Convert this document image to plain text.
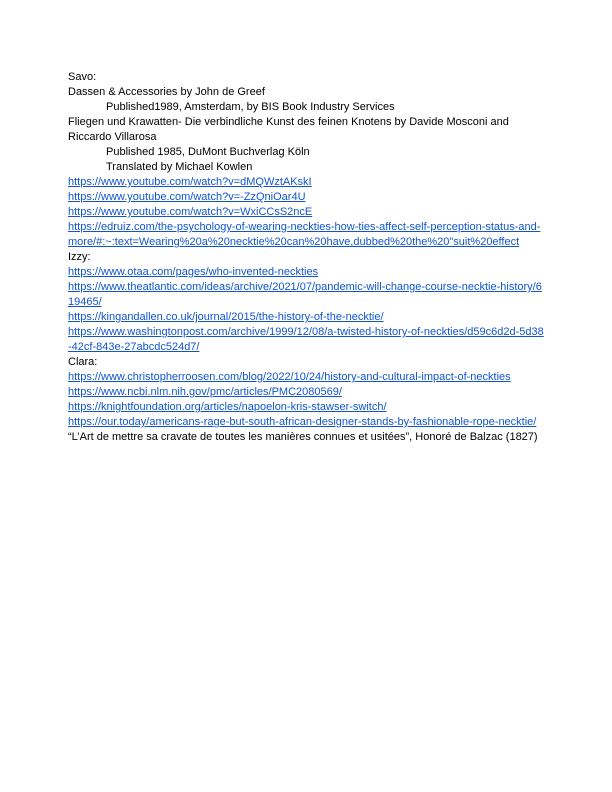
Savo:

Dassen & Accessories by John de Greef

Published1989, Amsterdam, by BIS Book Industry Services

Fliegen und Krawatten- Die verbindliche Kunst des feinen Knotens by Davide Mosconi and Riccardo Villarosa

Published 1985, DuMont Buchverlag Köln

Translated by Michael Kowlen

https://www.youtube.com/watch?v=dMQWztAKskI

https://www.youtube.com/watch?v=-ZzQniOar4U

https://www.youtube.com/watch?v=WxiCCsS2ncE

https://edruiz.com/the-psychology-of-wearing-neckties-how-ties-affect-self-perception-status-and-more/#:~:text=Wearing%20a%20necktie%20can%20have,dubbed%20the%20"suit%20effect

Izzy:

https://www.otaa.com/pages/who-invented-neckties

https://www.theatlantic.com/ideas/archive/2021/07/pandemic-will-change-course-necktie-history/619465/

https://kingandallen.co.uk/journal/2015/the-history-of-the-necktie/

https://www.washingtonpost.com/archive/1999/12/08/a-twisted-history-of-neckties/d59c6d2d-5d38-42cf-843e-27abcdc524d7/

Clara:

https://www.christopherroosen.com/blog/2022/10/24/history-and-cultural-impact-of-neckties

https://www.ncbi.nlm.nih.gov/pmc/articles/PMC2080569/

https://knightfoundation.org/articles/napoelon-kris-stawser-switch/

https://our.today/americans-rage-but-south-african-designer-stands-by-fashionable-rope-necktie/

“L’Art de mettre sa cravate de toutes les manières connues et usitées”, Honoré de Balzac (1827)
